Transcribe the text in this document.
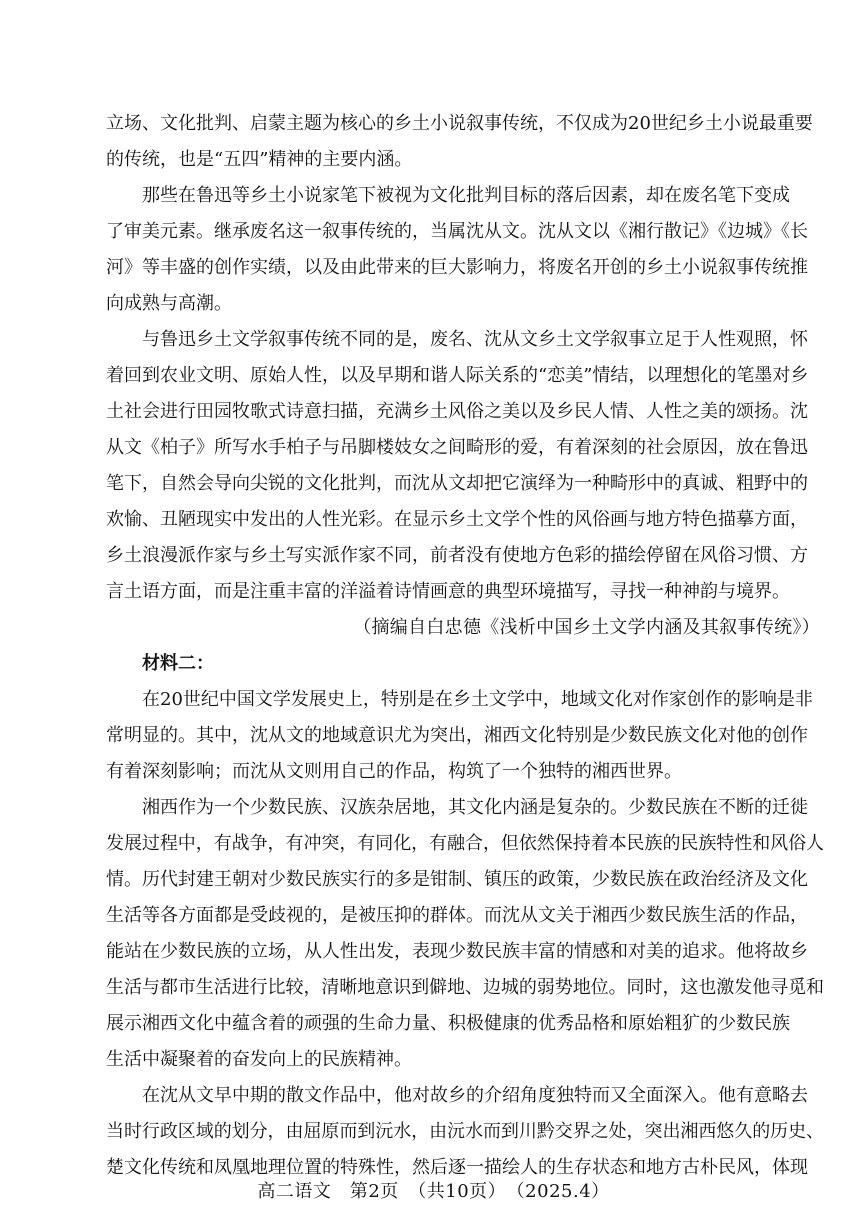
立场、文化批判、启蒙主题为核心的乡土小说叙事传统，不仅成为20世纪乡土小说最重要
的传统，也是“五四”精神的主要内涵。
　　那些在鲁迅等乡土小说家笔下被视为文化批判目标的落后因素，却在废名笔下变成
了审美元素。继承废名这一叙事传统的，当属沈从文。沈从文以《湘行散记》《边城》《长
河》等丰盛的创作实绩，以及由此带来的巨大影响力，将废名开创的乡土小说叙事传统推
向成熟与高潮。
　　与鲁迅乡土文学叙事传统不同的是，废名、沈从文乡土文学叙事立足于人性观照，怀
着回到农业文明、原始人性，以及早期和谐人际关系的“恋美”情结，以理想化的笔墨对乡
土社会进行田园牧歌式诗意扫描，充满乡土风俗之美以及乡民人情、人性之美的颂扬。沈
从文《柏子》所写水手柏子与吊脚楼妓女之间畸形的爱，有着深刻的社会原因，放在鲁迅
笔下，自然会导向尖锐的文化批判，而沈从文却把它演绎为一种畸形中的真诚、粗野中的
欢愉、丑陋现实中发出的人性光彩。在显示乡土文学个性的风俗画与地方特色描摹方面，
乡土浪漫派作家与乡土写实派作家不同，前者没有使地方色彩的描绘停留在风俗习惯、方
言土语方面，而是注重丰富的洋溢着诗情画意的典型环境描写，寻找一种神韵与境界。
（摘编自白忠德《浅析中国乡土文学内涵及其叙事传统》）
　　材料二：
　　在20世纪中国文学发展史上，特别是在乡土文学中，地域文化对作家创作的影响是非
常明显的。其中，沈从文的地域意识尤为突出，湘西文化特别是少数民族文化对他的创作
有着深刻影响；而沈从文则用自己的作品，构筑了一个独特的湘西世界。
　　湘西作为一个少数民族、汉族杂居地，其文化内涵是复杂的。少数民族在不断的迁徙
发展过程中，有战争，有冲突，有同化，有融合，但依然保持着本民族的民族特性和风俗人
情。历代封建王朝对少数民族实行的多是钳制、镇压的政策，少数民族在政治经济及文化
生活等各方面都是受歧视的，是被压抑的群体。而沈从文关于湘西少数民族生活的作品，
能站在少数民族的立场，从人性出发，表现少数民族丰富的情感和对美的追求。他将故乡
生活与都市生活进行比较，清晰地意识到僻地、边城的弱势地位。同时，这也激发他寻觅和
展示湘西文化中蕴含着的顽强的生命力量、积极健康的优秀品格和原始粗犷的少数民族
生活中凝聚着的奋发向上的民族精神。
　　在沈从文早中期的散文作品中，他对故乡的介绍角度独特而又全面深入。他有意略去
当时行政区域的划分，由屈原而到沅水，由沅水而到川黔交界之处，突出湘西悠久的历史、
楚文化传统和凤凰地理位置的特殊性，然后逐一描绘人的生存状态和地方古朴民风，体现
高二语文　第2页　（共10页）　（2025.4）
